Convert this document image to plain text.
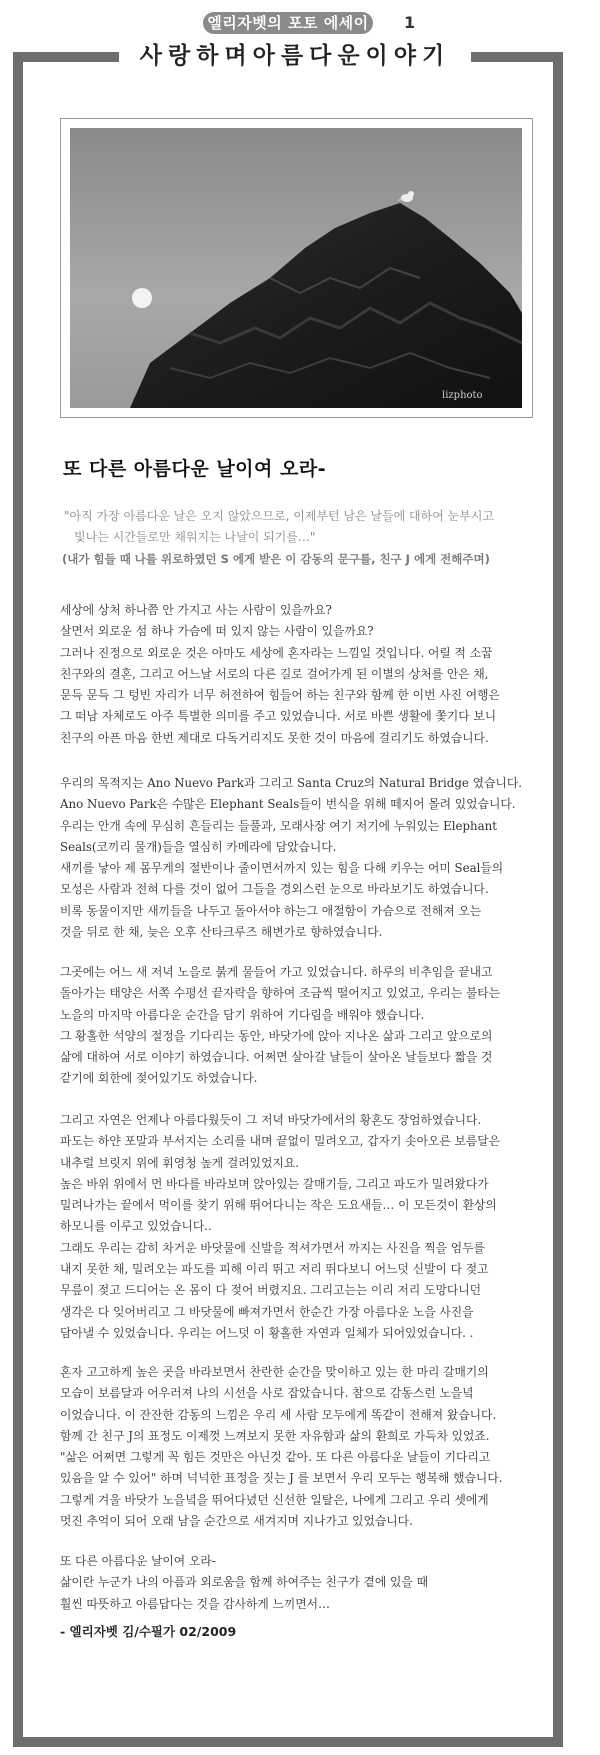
엘리자벳의 포토 에세이 1
사랑하며아름다운이야기
lizphoto
또 다른 아름다운 날이여 오라-
"아직 가장 아름다운 날은 오지 않았으므로, 이제부턴 남은 날들에 대하여 눈부시고

빛나는 시간들로만 채워지는 나날이 되기를…"
(내가 힘들 때 나를 위로하였던 S 에게 받은 이 감동의 문구를, 친구 J 에게 전해주며)
세상에 상처 하나쯤 안 가지고 사는 사람이 있을까요?
살면서 외로운 섬 하나 가슴에 떠 있지 않는 사람이 있을까요?
그러나 진정으로 외로운 것은 아마도 세상에 혼자라는 느낌일 것입니다. 어릴 적 소꿉
친구와의 결혼, 그리고 어느날 서로의 다른 길로 걸어가게 된 이별의 상처를 안은 채,
문득 문득 그 텅빈 자리가 너무 허전하여 힘들어 하는 친구와 함께 한 이번 사진 여행은
그 떠남 자체로도 아주 특별한 의미를 주고 있었습니다. 서로 바쁜 생활에 쫓기다 보니
친구의 아픈 마음 한번 제대로 다독거리지도 못한 것이 마음에 걸리기도 하였습니다.
우리의 목적지는 Ano Nuevo Park과 그리고 Santa Cruz의 Natural Bridge 였습니다.
Ano Nuevo Park은 수많은 Elephant Seals들이 번식을 위해 떼지어 몰려 있었습니다.
우리는 안개 속에 무심히 흔들리는 들풀과, 모래사장 여기 저기에 누워있는 Elephant
Seals(코끼리 물개)들을 열심히 카메라에 담았습니다.
새끼를 낳아 제 몸무게의 절반이나 줄이면서까지 있는 힘을 다해 키우는 어미 Seal들의
모성은 사람과 전혀 다를 것이 없어 그들을 경외스런 눈으로 바라보기도 하였습니다.
비록 동물이지만 새끼들을 나두고 돌아서야 하는그 애절함이 가슴으로 전해져 오는
것을 뒤로 한 채, 늦은 오후 산타크루즈 해변가로 향하였습니다.
그곳에는 어느 새 저녁 노을로 붉게 물들어 가고 있었습니다. 하루의 비추임을 끝내고
돌아가는 태양은 서쪽 수평선 끝자락을 향하여 조금씩 떨어지고 있었고, 우리는 불타는
노을의 마지막 아름다운 순간을 담기 위하여 기다림을 배워야 했습니다.
그 황홀한 석양의 절정을 기다리는 동안, 바닷가에 앉아 지나온 삶과 그리고 앞으로의
삶에 대하여 서로 이야기 하였습니다. 어쩌면 살아갈 날들이 살아온 날들보다 짧을 것
같기에 회한에 젖어있기도 하였습니다.
그리고 자연은 언제나 아름다웠듯이 그 저녁 바닷가에서의 황혼도 장엄하였습니다.
파도는 하얀 포말과 부서지는 소리를 내며 끝없이 밀려오고, 갑자기 솟아오른 보름달은
내추럴 브릿지 위에 휘영청 높게 걸려있었지요.
높은 바위 위에서 먼 바다를 바라보며 앉아있는 갈매기들, 그리고 파도가 밀려왔다가
밀려나가는 끝에서 먹이를 찾기 위해 뛰어다니는 작은 도요새들… 이 모든것이 환상의
하모니를 이루고 있었습니다..
그래도 우리는 감히 차거운 바닷물에 신발을 적셔가면서 까지는 사진을 찍을 엄두를
내지 못한 채, 밀려오는 파도를 피해 이리 뛰고 저리 뛰다보니 어느덧 신발이 다 젖고
무릎이 젖고 드디어는 온 몸이 다 젖어 버렸지요. 그리고는는 이리 저리 도망다니던
생각은 다 잊어버리고 그 바닷물에 빠져가면서 한순간 가장 아름다운 노을 사진을
담아낼 수 있었습니다. 우리는 어느덧 이 황홀한 자연과 일체가 되어있었습니다. .
혼자 고고하게 높은 곳을 바라보면서 찬란한 순간을 맞이하고 있는 한 마리 갈매기의
모습이 보름달과 어우러져 나의 시선을 사로 잡았습니다. 참으로 감동스런 노을녘
이었습니다. 이 잔잔한 감동의 느낌은 우리 세 사람 모두에게 똑같이 전해져 왔습니다.
함께 간 친구 J의 표정도 이제껏 느껴보지 못한 자유함과 삶의 환희로 가득차 있었죠.
"삶은 어쩌면 그렇게 꼭 힘든 것만은 아닌것 같아. 또 다른 아름다운 날들이 기다리고
있음을 알 수 있어" 하며 넉넉한 표정을 짓는 J 를 보면서 우리 모두는 행복해 했습니다.
그렇게 겨울 바닷가 노을녘을 뛰어다녔던 신선한 일탈은, 나에게 그리고 우리 셋에게
멋진 추억이 되어 오래 남을 순간으로 새겨지며 지나가고 있었습니다.
또 다른 아름다운 날이여 오라-
삶이란 누군가 나의 아픔과 외로움을 함께 하여주는 친구가 곁에 있을 때
훨씬 따뜻하고 아름답다는 것을 감사하게 느끼면서…
- 엘리자벳 김/수필가 02/2009
